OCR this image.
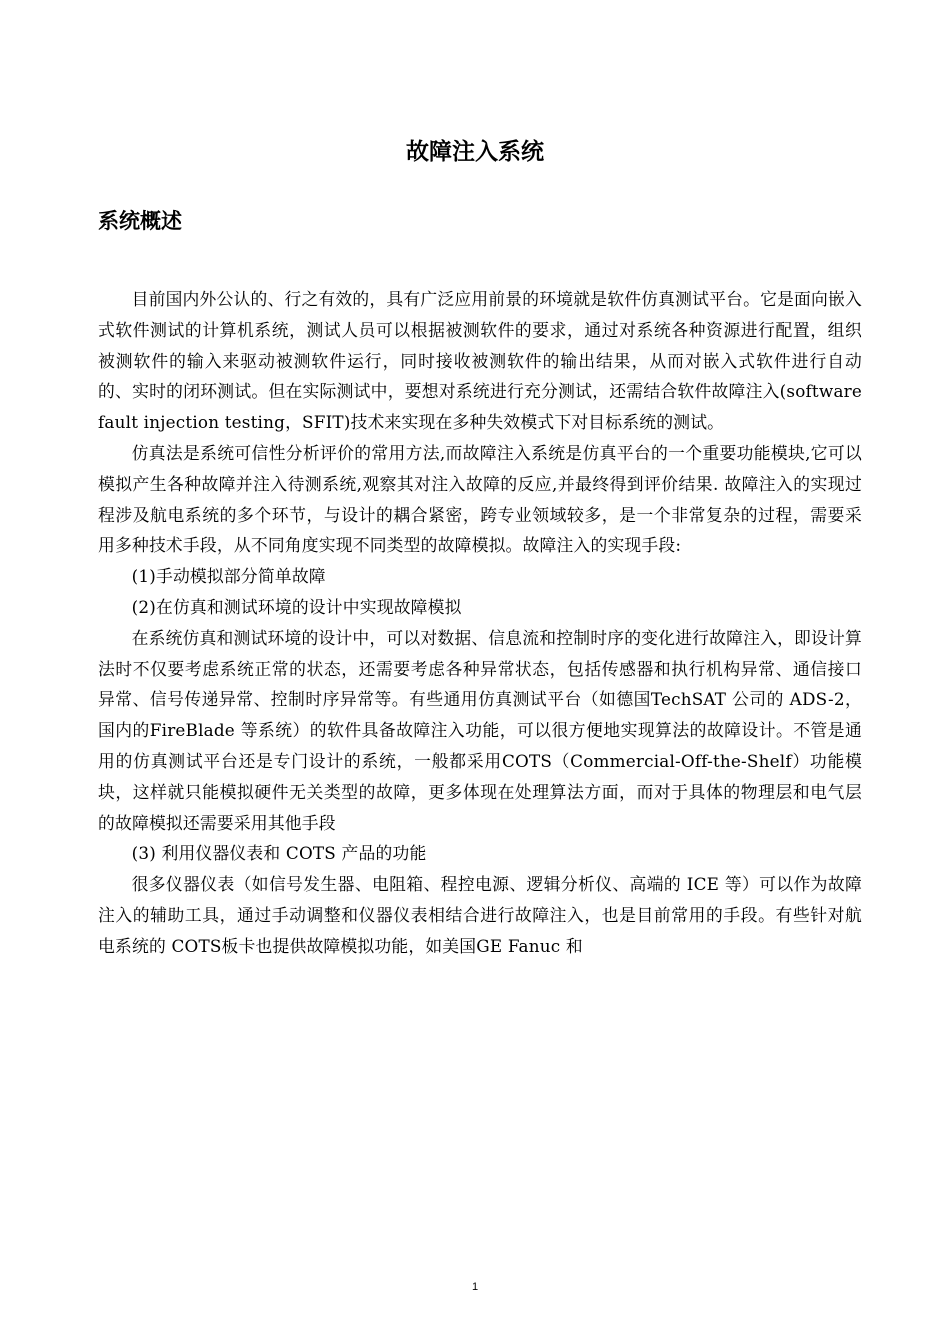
故障注入系统
系统概述

目前国内外公认的、行之有效的，具有广泛应用前景的环境就是软件仿真测试平台。它是面向嵌入式软件测试的计算机系统，测试人员可以根据被测软件的要求，通过对系统各种资源进行配置，组织被测软件的输入来驱动被测软件运行，同时接收被测软件的输出结果，从而对嵌入式软件进行自动的、实时的闭环测试。但在实际测试中，要想对系统进行充分测试，还需结合软件故障注入(software fault injection testing，SFIT)技术来实现在多种失效模式下对目标系统的测试。

仿真法是系统可信性分析评价的常用方法,而故障注入系统是仿真平台的一个重要功能模块,它可以模拟产生各种故障并注入待测系统,观察其对注入故障的反应,并最终得到评价结果. 故障注入的实现过程涉及航电系统的多个环节，与设计的耦合紧密，跨专业领域较多，是一个非常复杂的过程，需要采用多种技术手段，从不同角度实现不同类型的故障模拟。故障注入的实现手段:

(1)手动模拟部分简单故障

(2)在仿真和测试环境的设计中实现故障模拟

在系统仿真和测试环境的设计中，可以对数据、信息流和控制时序的变化进行故障注入，即设计算法时不仅要考虑系统正常的状态，还需要考虑各种异常状态，包括传感器和执行机构异常、通信接口异常、信号传递异常、控制时序异常等。有些通用仿真测试平台（如德国TechSAT 公司的 ADS-2，国内的FireBlade 等系统）的软件具备故障注入功能，可以很方便地实现算法的故障设计。不管是通用的仿真测试平台还是专门设计的系统，一般都采用COTS（Commercial-Off-the-Shelf）功能模块，这样就只能模拟硬件无关类型的故障，更多体现在处理算法方面，而对于具体的物理层和电气层的故障模拟还需要采用其他手段

(3) 利用仪器仪表和 COTS 产品的功能

很多仪器仪表（如信号发生器、电阻箱、程控电源、逻辑分析仪、高端的 ICE 等）可以作为故障注入的辅助工具，通过手动调整和仪器仪表相结合进行故障注入，也是目前常用的手段。有些针对航电系统的 COTS板卡也提供故障模拟功能，如美国GE Fanuc 和

1
